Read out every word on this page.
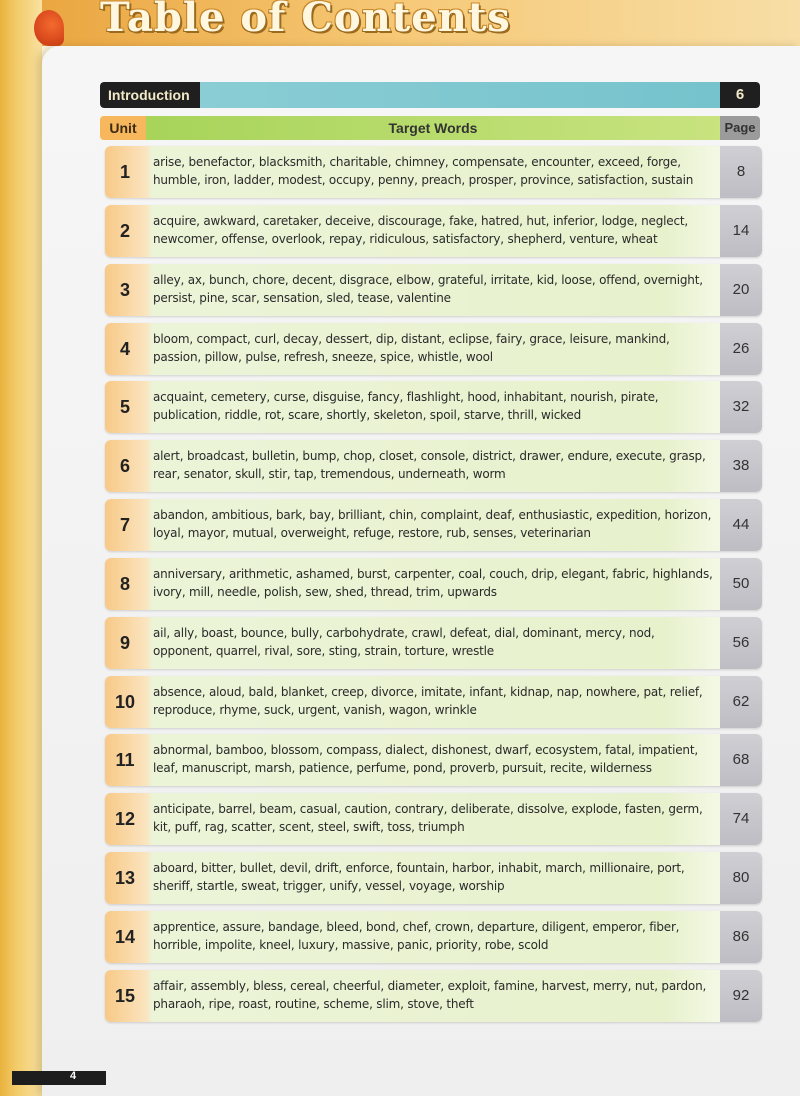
Table of Contents
Introduction	6
Unit	Target Words	Page
1	arise, benefactor, blacksmith, charitable, chimney, compensate, encounter, exceed, forge, humble, iron, ladder, modest, occupy, penny, preach, prosper, province, satisfaction, sustain	8
2	acquire, awkward, caretaker, deceive, discourage, fake, hatred, hut, inferior, lodge, neglect, newcomer, offense, overlook, repay, ridiculous, satisfactory, shepherd, venture, wheat	14
3	alley, ax, bunch, chore, decent, disgrace, elbow, grateful, irritate, kid, loose, offend, overnight, persist, pine, scar, sensation, sled, tease, valentine	20
4	bloom, compact, curl, decay, dessert, dip, distant, eclipse, fairy, grace, leisure, mankind, passion, pillow, pulse, refresh, sneeze, spice, whistle, wool	26
5	acquaint, cemetery, curse, disguise, fancy, flashlight, hood, inhabitant, nourish, pirate, publication, riddle, rot, scare, shortly, skeleton, spoil, starve, thrill, wicked	32
6	alert, broadcast, bulletin, bump, chop, closet, console, district, drawer, endure, execute, grasp, rear, senator, skull, stir, tap, tremendous, underneath, worm	38
7	abandon, ambitious, bark, bay, brilliant, chin, complaint, deaf, enthusiastic, expedition, horizon, loyal, mayor, mutual, overweight, refuge, restore, rub, senses, veterinarian	44
8	anniversary, arithmetic, ashamed, burst, carpenter, coal, couch, drip, elegant, fabric, highlands, ivory, mill, needle, polish, sew, shed, thread, trim, upwards	50
9	ail, ally, boast, bounce, bully, carbohydrate, crawl, defeat, dial, dominant, mercy, nod, opponent, quarrel, rival, sore, sting, strain, torture, wrestle	56
10	absence, aloud, bald, blanket, creep, divorce, imitate, infant, kidnap, nap, nowhere, pat, relief, reproduce, rhyme, suck, urgent, vanish, wagon, wrinkle	62
11	abnormal, bamboo, blossom, compass, dialect, dishonest, dwarf, ecosystem, fatal, impatient, leaf, manuscript, marsh, patience, perfume, pond, proverb, pursuit, recite, wilderness	68
12	anticipate, barrel, beam, casual, caution, contrary, deliberate, dissolve, explode, fasten, germ, kit, puff, rag, scatter, scent, steel, swift, toss, triumph	74
13	aboard, bitter, bullet, devil, drift, enforce, fountain, harbor, inhabit, march, millionaire, port, sheriff, startle, sweat, trigger, unify, vessel, voyage, worship	80
14	apprentice, assure, bandage, bleed, bond, chef, crown, departure, diligent, emperor, fiber, horrible, impolite, kneel, luxury, massive, panic, priority, robe, scold	86
15	affair, assembly, bless, cereal, cheerful, diameter, exploit, famine, harvest, merry, nut, pardon, pharaoh, ripe, roast, routine, scheme, slim, stove, theft	92
4
